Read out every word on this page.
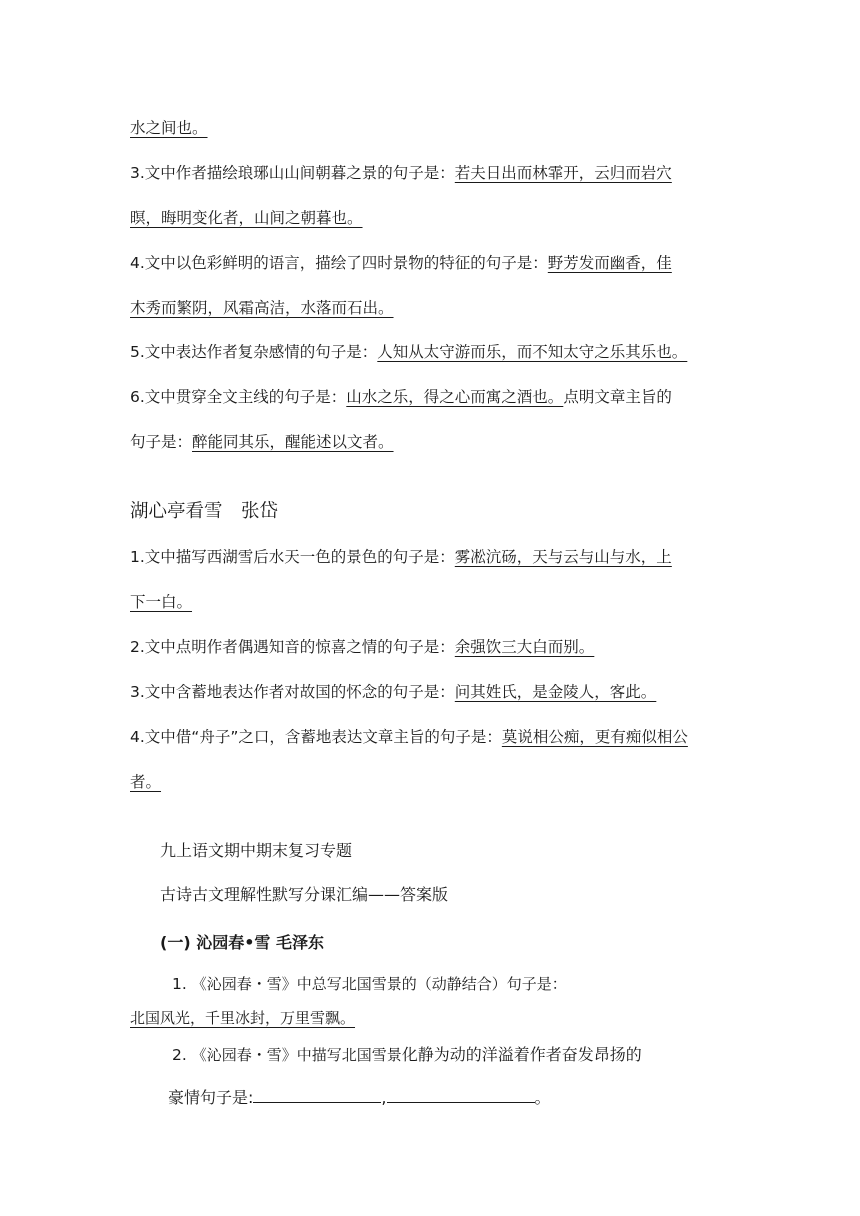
水之间也。
3.文中作者描绘琅琊山山间朝暮之景的句子是：若夫日出而林霏开，云归而岩穴
暝，晦明变化者，山间之朝暮也。
4.文中以色彩鲜明的语言，描绘了四时景物的特征的句子是：野芳发而幽香，佳
木秀而繁阴，风霜高洁，水落而石出。
5.文中表达作者复杂感情的句子是：人知从太守游而乐，而不知太守之乐其乐也。
6.文中贯穿全文主线的句子是：山水之乐，得之心而寓之酒也。点明文章主旨的
句子是：醉能同其乐，醒能述以文者。
湖心亭看雪　张岱
1.文中描写西湖雪后水天一色的景色的句子是：雾凇沆砀，天与云与山与水，上
下一白。
2.文中点明作者偶遇知音的惊喜之情的句子是：余强饮三大白而别。
3.文中含蓄地表达作者对故国的怀念的句子是：问其姓氏，是金陵人，客此。
4.文中借“舟子”之口，含蓄地表达文章主旨的句子是：莫说相公痴，更有痴似相公
者。
九上语文期中期末复习专题
古诗古文理解性默写分课汇编——答案版
(一) 沁园春•雪 毛泽东
1. 《沁园春・雪》中总写北国雪景的（动静结合）句子是：
北国风光，千里冰封，万里雪飘。
2. 《沁园春・雪》中描写北国雪景化静为动的洋溢着作者奋发昂扬的
豪情句子是:	,	。
